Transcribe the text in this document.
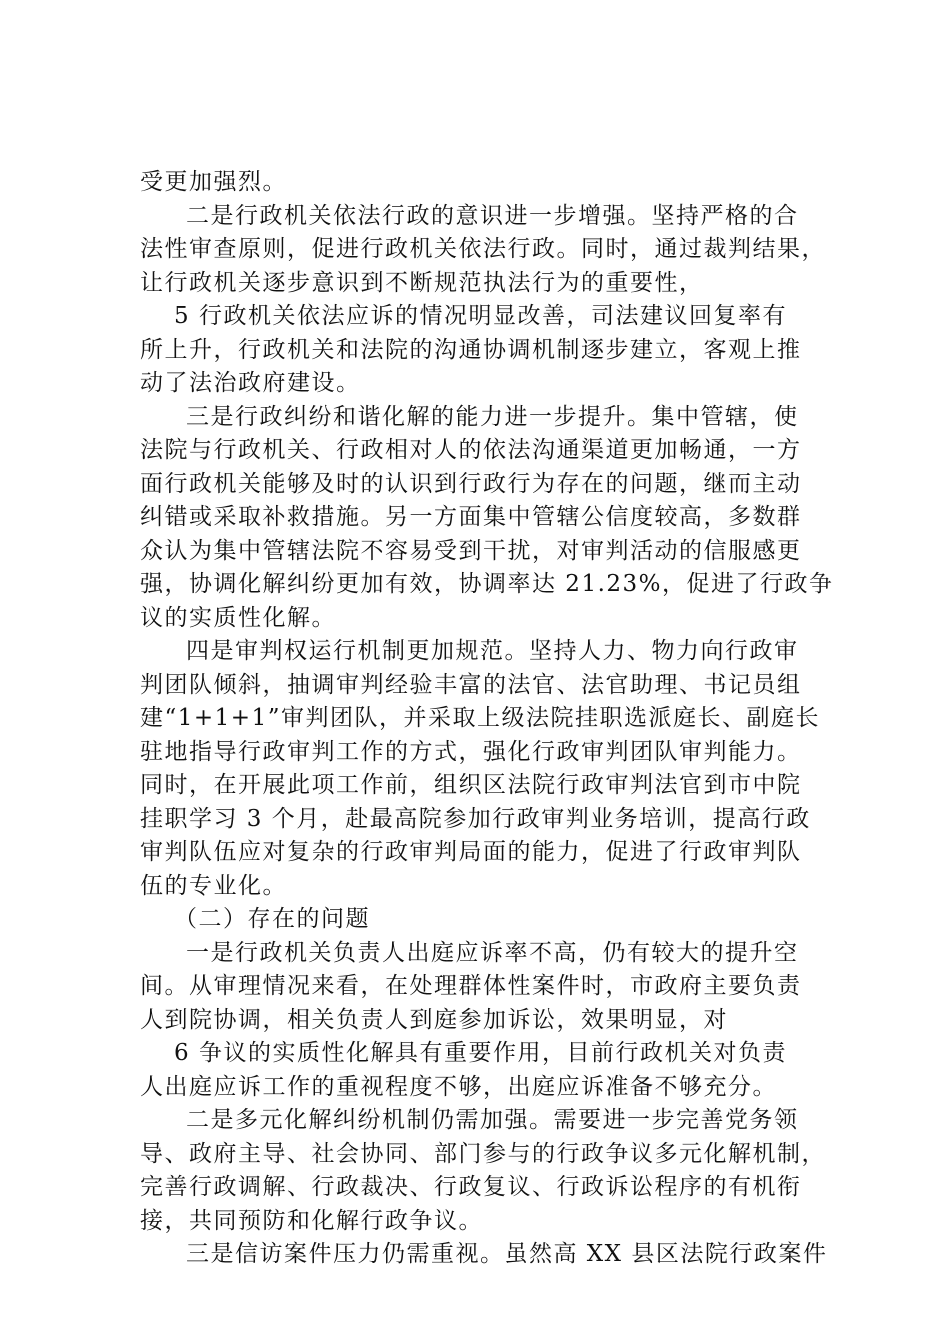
受更加强烈。
二是行政机关依法行政的意识进一步增强。坚持严格的合
法性审查原则，促进行政机关依法行政。同时，通过裁判结果，
让行政机关逐步意识到不断规范执法行为的重要性，
5 行政机关依法应诉的情况明显改善，司法建议回复率有
所上升，行政机关和法院的沟通协调机制逐步建立，客观上推
动了法治政府建设。
三是行政纠纷和谐化解的能力进一步提升。集中管辖，使
法院与行政机关、行政相对人的依法沟通渠道更加畅通，一方
面行政机关能够及时的认识到行政行为存在的问题，继而主动
纠错或采取补救措施。另一方面集中管辖公信度较高，多数群
众认为集中管辖法院不容易受到干扰，对审判活动的信服感更
强，协调化解纠纷更加有效，协调率达 21.23%，促进了行政争
议的实质性化解。
四是审判权运行机制更加规范。坚持人力、物力向行政审
判团队倾斜，抽调审判经验丰富的法官、法官助理、书记员组
建“1+1+1”审判团队，并采取上级法院挂职选派庭长、副庭长
驻地指导行政审判工作的方式，强化行政审判团队审判能力。
同时，在开展此项工作前，组织区法院行政审判法官到市中院
挂职学习 3 个月，赴最高院参加行政审判业务培训，提高行政
审判队伍应对复杂的行政审判局面的能力，促进了行政审判队
伍的专业化。
（二）存在的问题
一是行政机关负责人出庭应诉率不高，仍有较大的提升空
间。从审理情况来看，在处理群体性案件时，市政府主要负责
人到院协调，相关负责人到庭参加诉讼，效果明显，对
6 争议的实质性化解具有重要作用，目前行政机关对负责
人出庭应诉工作的重视程度不够，出庭应诉准备不够充分。
二是多元化解纠纷机制仍需加强。需要进一步完善党务领
导、政府主导、社会协同、部门参与的行政争议多元化解机制，
完善行政调解、行政裁决、行政复议、行政诉讼程序的有机衔
接，共同预防和化解行政争议。
三是信访案件压力仍需重视。虽然高 XX 县区法院行政案件
